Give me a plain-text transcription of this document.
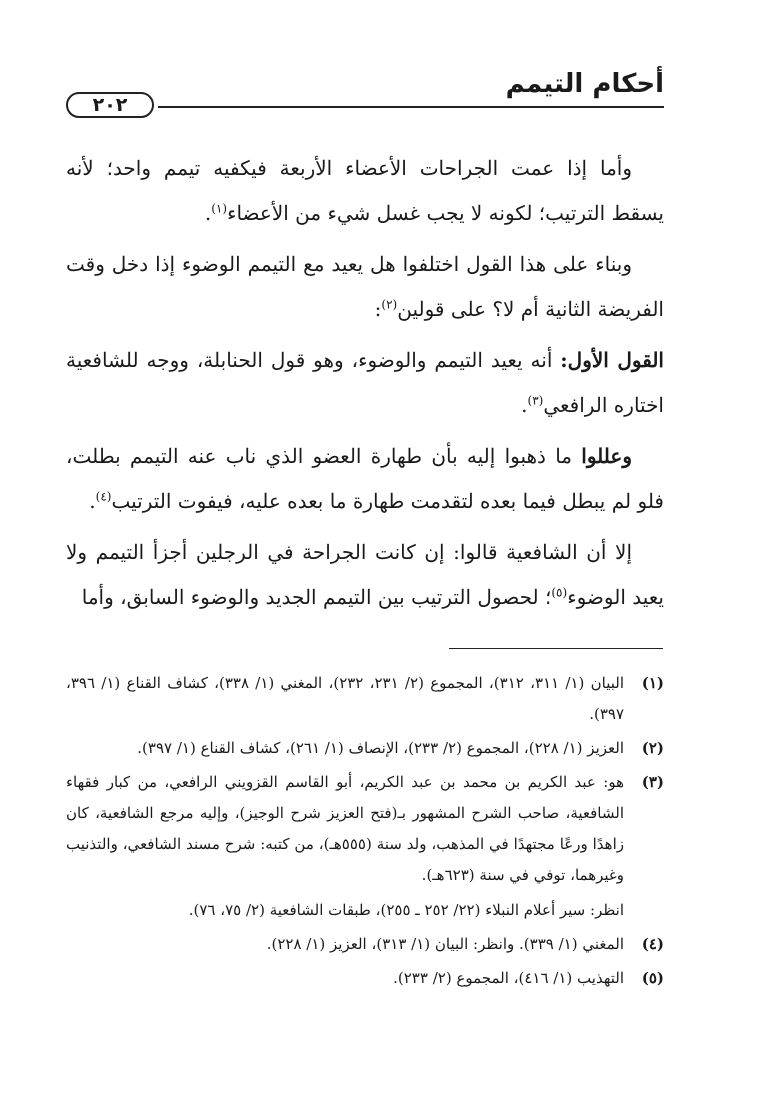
أحكام التيمم
٢٠٢

وأما إذا عمت الجراحات الأعضاء الأربعة فيكفيه تيمم واحد؛ لأنه يسقط الترتيب؛ لكونه لا يجب غسل شيء من الأعضاء$^{(١)}$.

وبناء على هذا القول اختلفوا هل يعيد مع التيمم الوضوء إذا دخل وقت الفريضة الثانية أم لا؟ على قولين$^{(٢)}$:

القول الأول: أنه يعيد التيمم والوضوء، وهو قول الحنابلة، ووجه للشافعية اختاره الرافعي$^{(٣)}$.

وعللوا ما ذهبوا إليه بأن طهارة العضو الذي ناب عنه التيمم بطلت، فلو لم يبطل فيما بعده لتقدمت طهارة ما بعده عليه، فيفوت الترتيب$^{(٤)}$.

إلا أن الشافعية قالوا: إن كانت الجراحة في الرجلين أجزأ التيمم ولا يعيد الوضوء$^{(٥)}$؛ لحصول الترتيب بين التيمم الجديد والوضوء السابق، وأما

(١)
البيان (١/ ٣١١، ٣١٢)، المجموع (٢/ ٢٣١، ٢٣٢)، المغني (١/ ٣٣٨)، كشاف القناع (١/ ٣٩٦، ٣٩٧).
(٢)
العزيز (١/ ٢٢٨)، المجموع (٢/ ٢٣٣)، الإنصاف (١/ ٢٦١)، كشاف القناع (١/ ٣٩٧).
(٣)
هو: عبد الكريم بن محمد بن عبد الكريم، أبو القاسم القزويني الرافعي، من كبار فقهاء الشافعية، صاحب الشرح المشهور بـ(فتح العزيز شرح الوجيز)، وإليه مرجع الشافعية، كان زاهدًا ورعًا مجتهدًا في المذهب، ولد سنة (٥٥٥هـ)، من كتبه: شرح مسند الشافعي، والتذنيب وغيرهما، توفي في سنة (٦٢٣هـ).
انظر: سير أعلام النبلاء (٢٢/ ٢٥٢ ـ ٢٥٥)، طبقات الشافعية (٢/ ٧٥، ٧٦).
(٤)
المغني (١/ ٣٣٩). وانظر: البيان (١/ ٣١٣)، العزيز (١/ ٢٢٨).
(٥)
التهذيب (١/ ٤١٦)، المجموع (٢/ ٢٣٣).
